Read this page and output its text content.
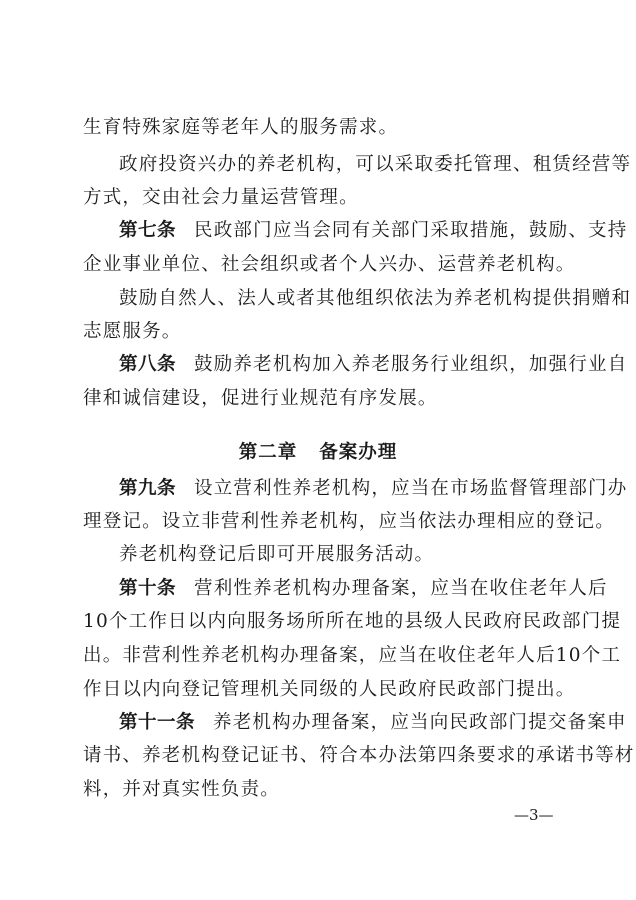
生育特殊家庭等老年人的服务需求。
政府投资兴办的养老机构，可以采取委托管理、租赁经营等
方式，交由社会力量运营管理。
第七条 民政部门应当会同有关部门采取措施，鼓励、支持
企业事业单位、社会组织或者个人兴办、运营养老机构。
鼓励自然人、法人或者其他组织依法为养老机构提供捐赠和
志愿服务。
第八条 鼓励养老机构加入养老服务行业组织，加强行业自
律和诚信建设，促进行业规范有序发展。
第二章 备案办理
第九条 设立营利性养老机构，应当在市场监督管理部门办
理登记。设立非营利性养老机构，应当依法办理相应的登记。
养老机构登记后即可开展服务活动。
第十条 营利性养老机构办理备案，应当在收住老年人后
10个工作日以内向服务场所所在地的县级人民政府民政部门提
出。非营利性养老机构办理备案，应当在收住老年人后10个工
作日以内向登记管理机关同级的人民政府民政部门提出。
第十一条 养老机构办理备案，应当向民政部门提交备案申
请书、养老机构登记证书、符合本办法第四条要求的承诺书等材
料，并对真实性负责。
—3—
